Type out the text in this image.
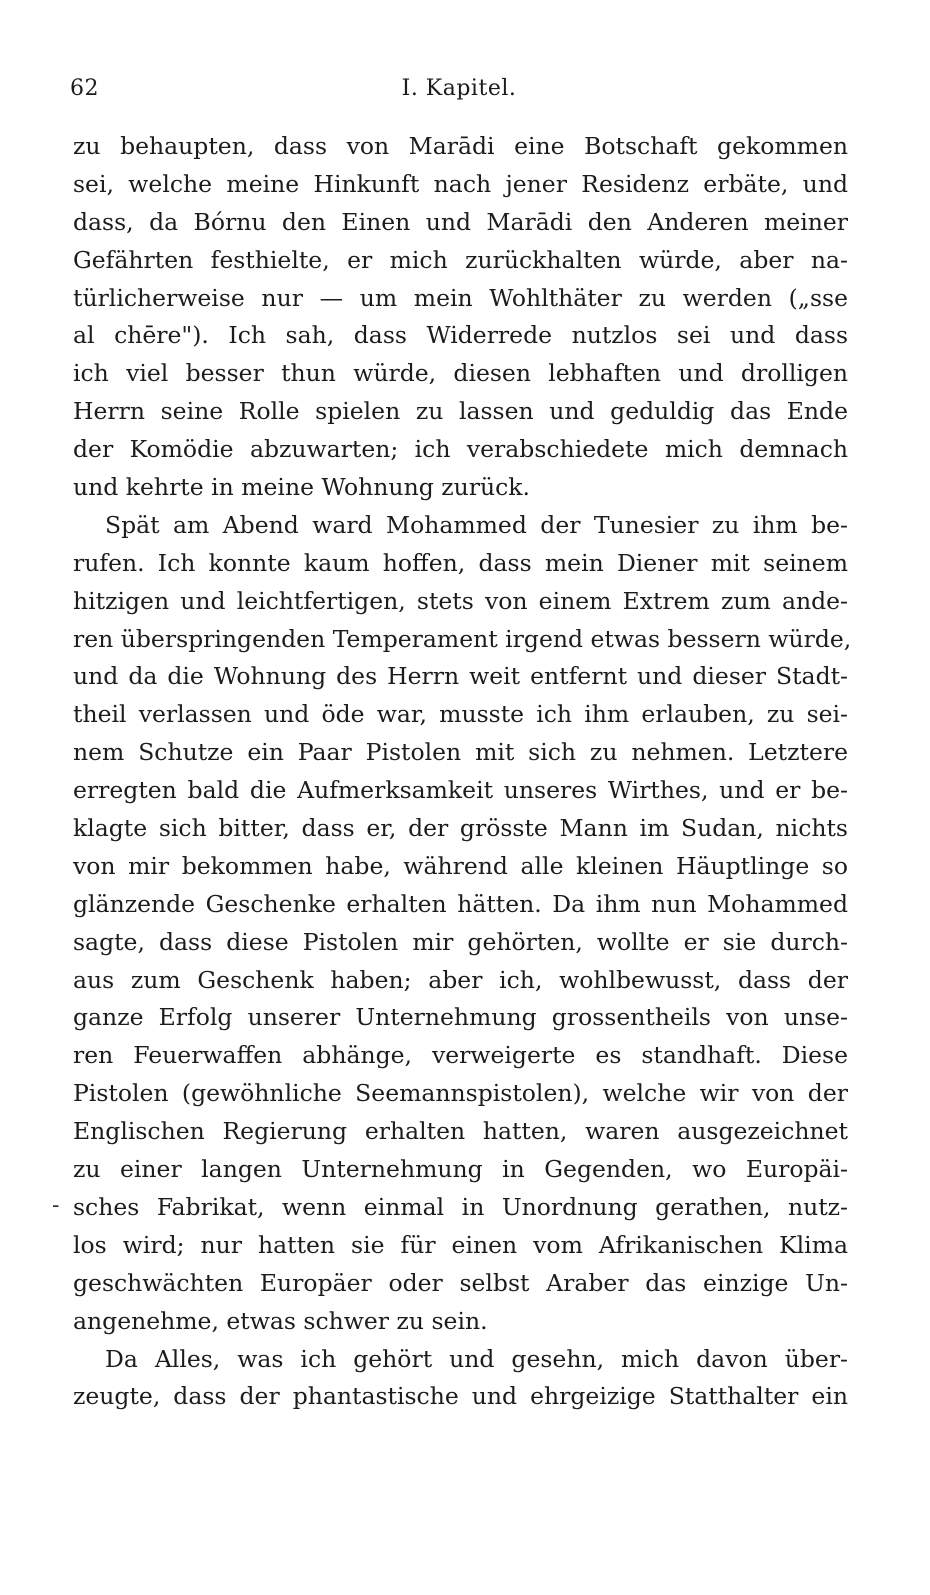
62	I. Kapitel.
-

zu behaupten, dass von Marādi eine Botschaft gekommen
sei, welche meine Hinkunft nach jener Residenz erbäte, und
dass, da Bórnu den Einen und Marādi den Anderen meiner
Gefährten festhielte, er mich zurückhalten würde, aber na-
türlicherweise nur — um mein Wohlthäter zu werden („sse
al chēre"). Ich sah, dass Widerrede nutzlos sei und dass
ich viel besser thun würde, diesen lebhaften und drolligen
Herrn seine Rolle spielen zu lassen und geduldig das Ende
der Komödie abzuwarten; ich verabschiedete mich demnach
und kehrte in meine Wohnung zurück.

Spät am Abend ward Mohammed der Tunesier zu ihm be-
rufen. Ich konnte kaum hoffen, dass mein Diener mit seinem
hitzigen und leichtfertigen, stets von einem Extrem zum ande-
ren überspringenden Temperament irgend etwas bessern würde,
und da die Wohnung des Herrn weit entfernt und dieser Stadt-
theil verlassen und öde war, musste ich ihm erlauben, zu sei-
nem Schutze ein Paar Pistolen mit sich zu nehmen. Letztere
erregten bald die Aufmerksamkeit unseres Wirthes, und er be-
klagte sich bitter, dass er, der grösste Mann im Sudan, nichts
von mir bekommen habe, während alle kleinen Häuptlinge so
glänzende Geschenke erhalten hätten. Da ihm nun Mohammed
sagte, dass diese Pistolen mir gehörten, wollte er sie durch-
aus zum Geschenk haben; aber ich, wohlbewusst, dass der
ganze Erfolg unserer Unternehmung grossentheils von unse-
ren Feuerwaffen abhänge, verweigerte es standhaft. Diese
Pistolen (gewöhnliche Seemannspistolen), welche wir von der
Englischen Regierung erhalten hatten, waren ausgezeichnet
zu einer langen Unternehmung in Gegenden, wo Europäi-
sches Fabrikat, wenn einmal in Unordnung gerathen, nutz-
los wird; nur hatten sie für einen vom Afrikanischen Klima
geschwächten Europäer oder selbst Araber das einzige Un-
angenehme, etwas schwer zu sein.

Da Alles, was ich gehört und gesehn, mich davon über-
zeugte, dass der phantastische und ehrgeizige Statthalter ein
